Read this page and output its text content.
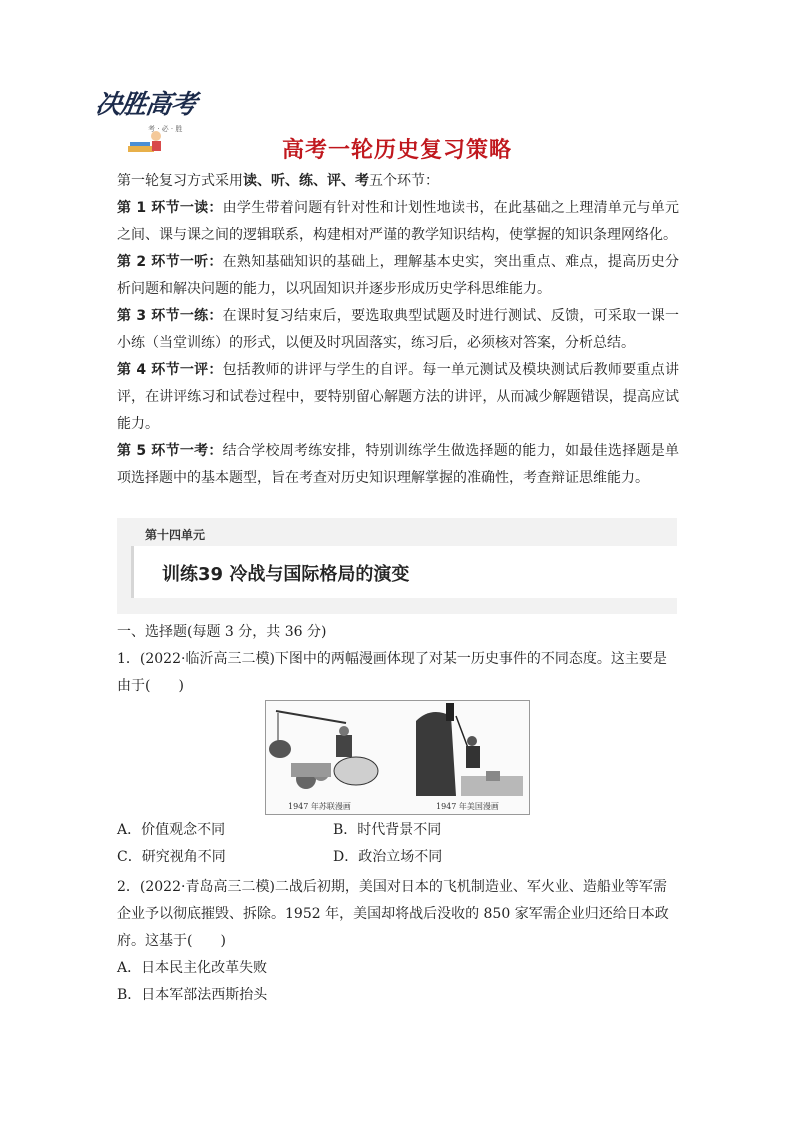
决胜高考
考 · 必 · 胜
高考一轮历史复习策略

第一轮复习方式采用读、听、练、评、考五个环节：

第 1 环节一读：由学生带着问题有针对性和计划性地读书，在此基础之上理清单元与单元之间、课与课之间的逻辑联系，构建相对严谨的教学知识结构，使掌握的知识条理网络化。

第 2 环节一听：在熟知基础知识的基础上，理解基本史实，突出重点、难点，提高历史分析问题和解决问题的能力，以巩固知识并逐步形成历史学科思维能力。

第 3 环节一练：在课时复习结束后，要选取典型试题及时进行测试、反馈，可采取一课一小练（当堂训练）的形式，以便及时巩固落实，练习后，必须核对答案，分析总结。

第 4 环节一评：包括教师的讲评与学生的自评。每一单元测试及模块测试后教师要重点讲评，在讲评练习和试卷过程中，要特别留心解题方法的讲评，从而减少解题错误，提高应试能力。

第 5 环节一考：结合学校周考练安排，特别训练学生做选择题的能力，如最佳选择题是单项选择题中的基本题型，旨在考查对历史知识理解掌握的准确性，考查辩证思维能力。

第十四单元
训练39 冷战与国际格局的演变

一、选择题(每题 3 分，共 36 分)

1．(2022·临沂高三二模)下图中的两幅漫画体现了对某一历史事件的不同态度。这主要是由于(　　)

1947 年苏联漫画	1947 年美国漫画
A．价值观念不同	B．时代背景不同
C．研究视角不同	D．政治立场不同

2．(2022·青岛高三二模)二战后初期，美国对日本的飞机制造业、军火业、造船业等军需企业予以彻底摧毁、拆除。1952 年，美国却将战后没收的 850 家军需企业归还给日本政府。这基于(　　)

A．日本民主化改革失败

B．日本军部法西斯抬头
